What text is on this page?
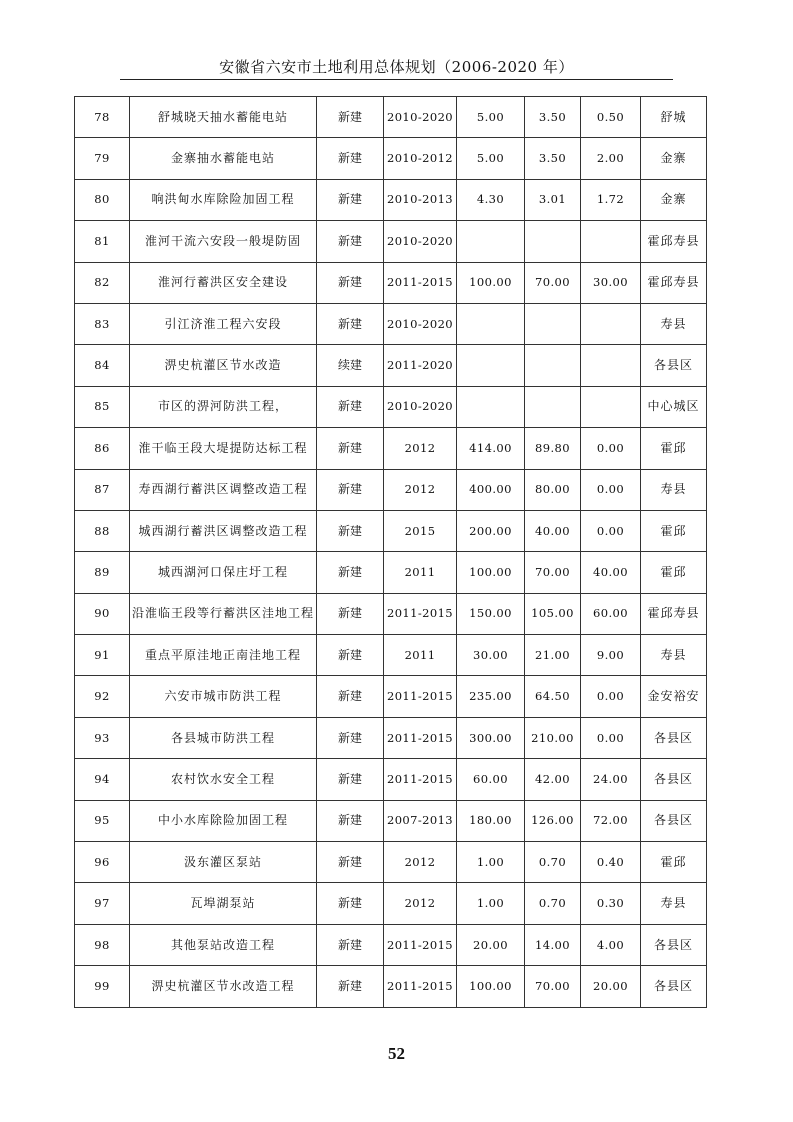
安徽省六安市土地利用总体规划（2006-2020 年）
78	舒城晓天抽水蓄能电站	新建	2010-2020	5.00	3.50	0.50	舒城
79	金寨抽水蓄能电站	新建	2010-2012	5.00	3.50	2.00	金寨
80	响洪甸水库除险加固工程	新建	2010-2013	4.30	3.01	1.72	金寨
81	淮河干流六安段一般堤防固	新建	2010-2020				霍邱寿县
82	淮河行蓄洪区安全建设	新建	2011-2015	100.00	70.00	30.00	霍邱寿县
83	引江济淮工程六安段	新建	2010-2020				寿县
84	淠史杭灌区节水改造	续建	2011-2020				各县区
85	市区的淠河防洪工程，	新建	2010-2020				中心城区
86	淮干临王段大堤提防达标工程	新建	2012	414.00	89.80	0.00	霍邱
87	寿西湖行蓄洪区调整改造工程	新建	2012	400.00	80.00	0.00	寿县
88	城西湖行蓄洪区调整改造工程	新建	2015	200.00	40.00	0.00	霍邱
89	城西湖河口保庄圩工程	新建	2011	100.00	70.00	40.00	霍邱
90	沿淮临王段等行蓄洪区洼地工程	新建	2011-2015	150.00	105.00	60.00	霍邱寿县
91	重点平原洼地正南洼地工程	新建	2011	30.00	21.00	9.00	寿县
92	六安市城市防洪工程	新建	2011-2015	235.00	64.50	0.00	金安裕安
93	各县城市防洪工程	新建	2011-2015	300.00	210.00	0.00	各县区
94	农村饮水安全工程	新建	2011-2015	60.00	42.00	24.00	各县区
95	中小水库除险加固工程	新建	2007-2013	180.00	126.00	72.00	各县区
96	汲东灌区泵站	新建	2012	1.00	0.70	0.40	霍邱
97	瓦埠湖泵站	新建	2012	1.00	0.70	0.30	寿县
98	其他泵站改造工程	新建	2011-2015	20.00	14.00	4.00	各县区
99	淠史杭灌区节水改造工程	新建	2011-2015	100.00	70.00	20.00	各县区
52
